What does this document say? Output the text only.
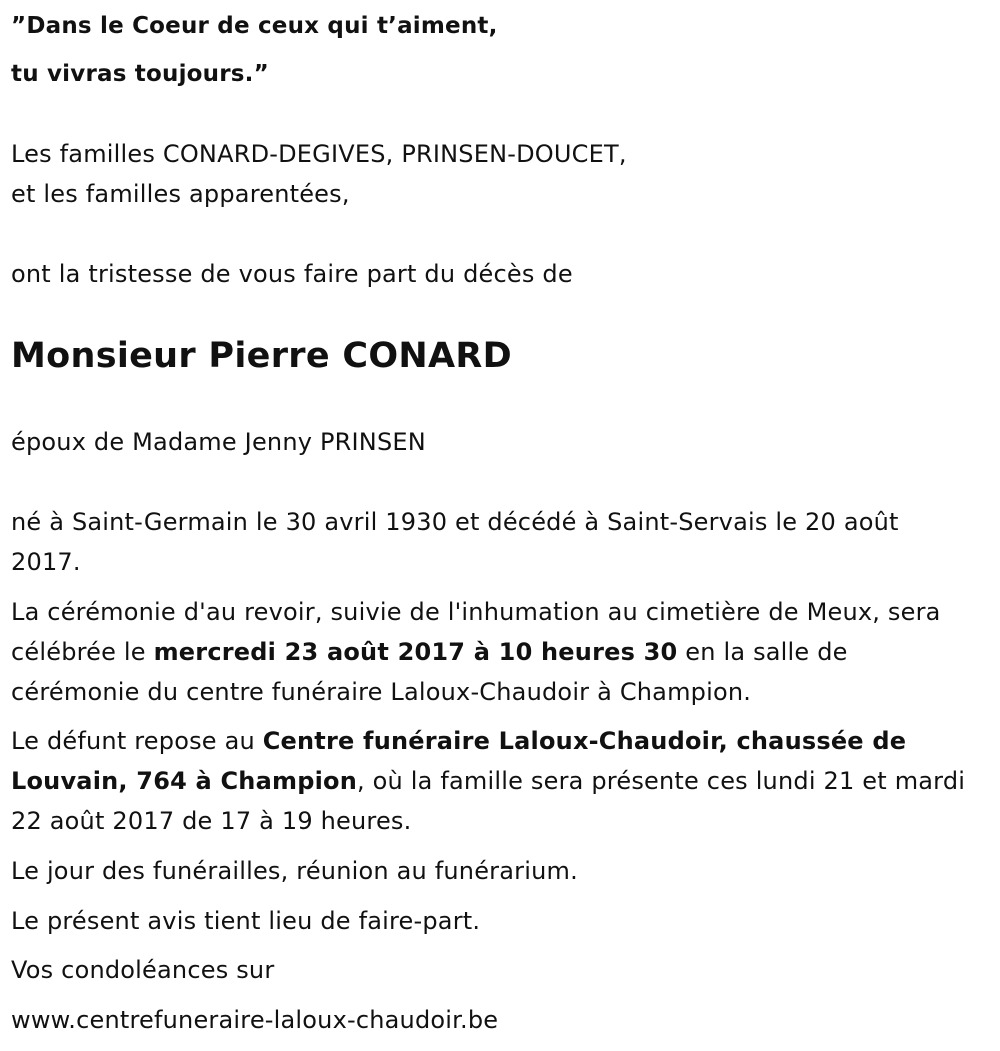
”Dans le Coeur de ceux qui t’aiment,
tu vivras toujours.”
Les familles CONARD-DEGIVES, PRINSEN-DOUCET,
et les familles apparentées,
ont la tristesse de vous faire part du décès de
Monsieur Pierre CONARD
époux de Madame Jenny PRINSEN
né à Saint-Germain le 30 avril 1930 et décédé à Saint-Servais le 20 août 2017.
La cérémonie d'au revoir, suivie de l'inhumation au cimetière de Meux, sera célébrée le mercredi 23 août 2017 à 10 heures 30 en la salle de cérémonie du centre funéraire Laloux-Chaudoir à Champion.
Le défunt repose au Centre funéraire Laloux-Chaudoir, chaussée de Louvain, 764 à Champion, où la famille sera présente ces lundi 21 et mardi 22 août 2017 de 17 à 19 heures.
Le jour des funérailles, réunion au funérarium.
Le présent avis tient lieu de faire-part.
Vos condoléances sur
www.centrefuneraire-laloux-chaudoir.be
